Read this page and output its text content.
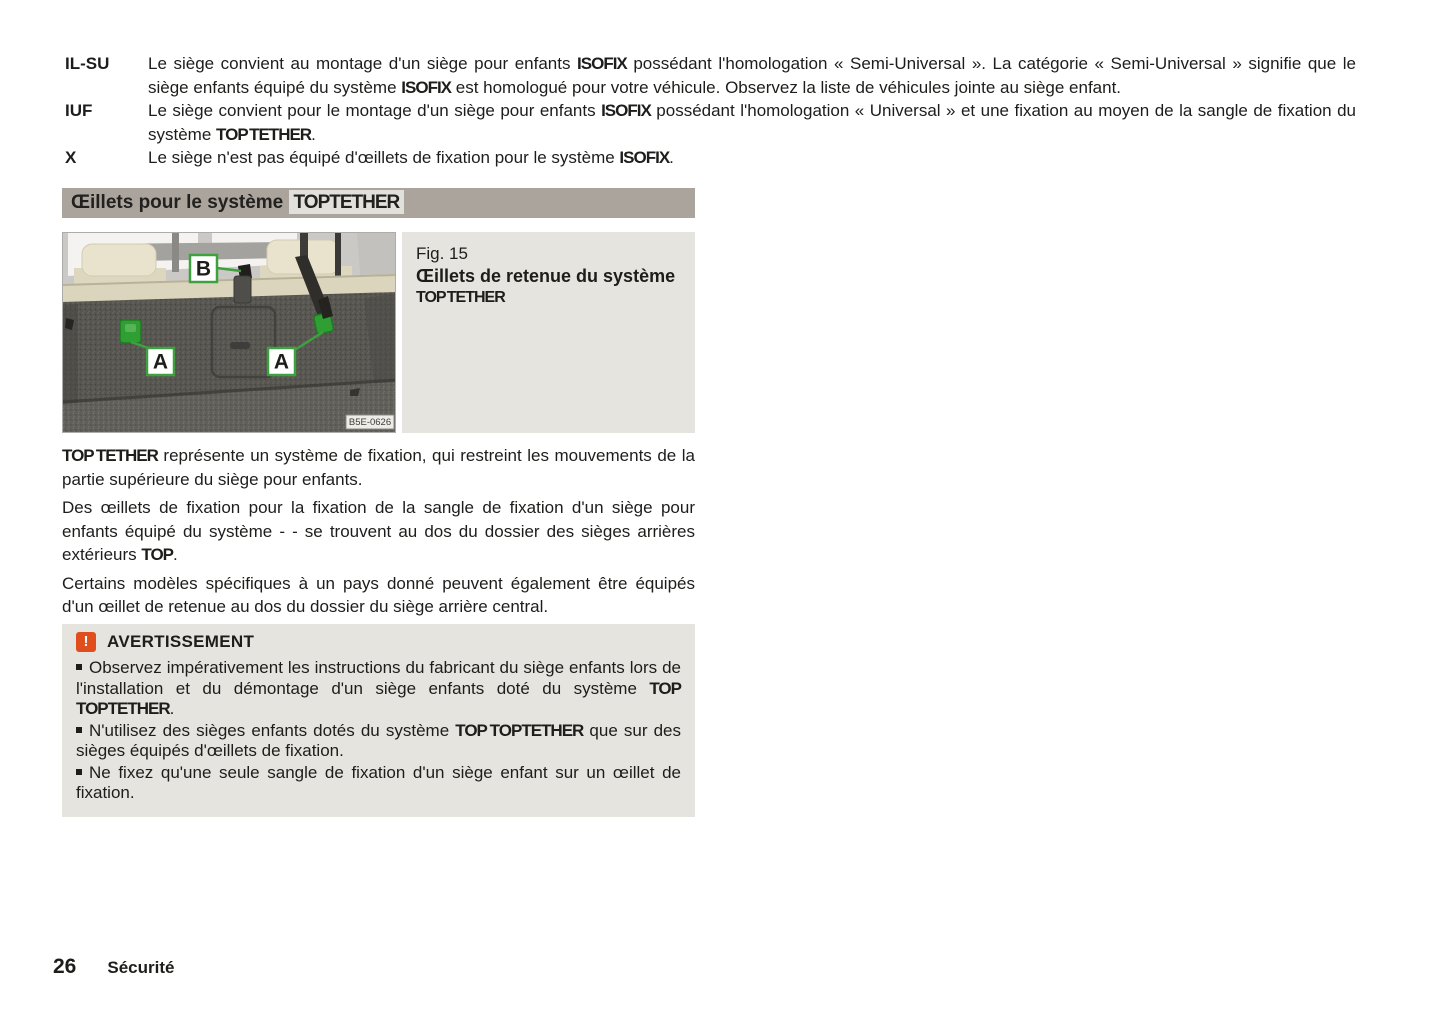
IL-SU	Le siège convient au montage d'un siège pour enfants ISOFIX possédant l'homologation « Semi-Universal ». La catégorie « Semi-Universal » signifie que le siège enfants équipé du système ISOFIX est homologué pour votre véhicule. Observez la liste de véhicules jointe au siège enfant.
IUF	Le siège convient pour le montage d'un siège pour enfants ISOFIX possédant l'homologation « Universal » et une fixation au moyen de la sangle de fixation du système TOP TETHER.
X	Le siège n'est pas équipé d'œillets de fixation pour le système ISOFIX.
Œillets pour le système TOPTETHER
B
A	A
B5E-0626
Fig. 15
Œillets de retenue du système
TOP TETHER

TOP TETHER représente un système de fixation, qui restreint les mouvements de la partie supérieure du siège pour enfants.

Des œillets de fixation pour la fixation de la sangle de fixation d'un siège pour enfants équipé du système - - se trouvent au dos du dossier des sièges arrières extérieurs TOP.

Certains modèles spécifiques à un pays donné peuvent également être équipés d'un œillet de retenue au dos du dossier du siège arrière central.

!	AVERTISSEMENT

Observez impérativement les instructions du fabricant du siège enfants lors de l'installation et du démontage d'un siège enfants doté du système TOP TOPTETHER.

N'utilisez des sièges enfants dotés du système TOP TOPTETHER que sur des sièges équipés d'œillets de fixation.

Ne fixez qu'une seule sangle de fixation d'un siège enfant sur un œillet de fixation.

26 Sécurité
